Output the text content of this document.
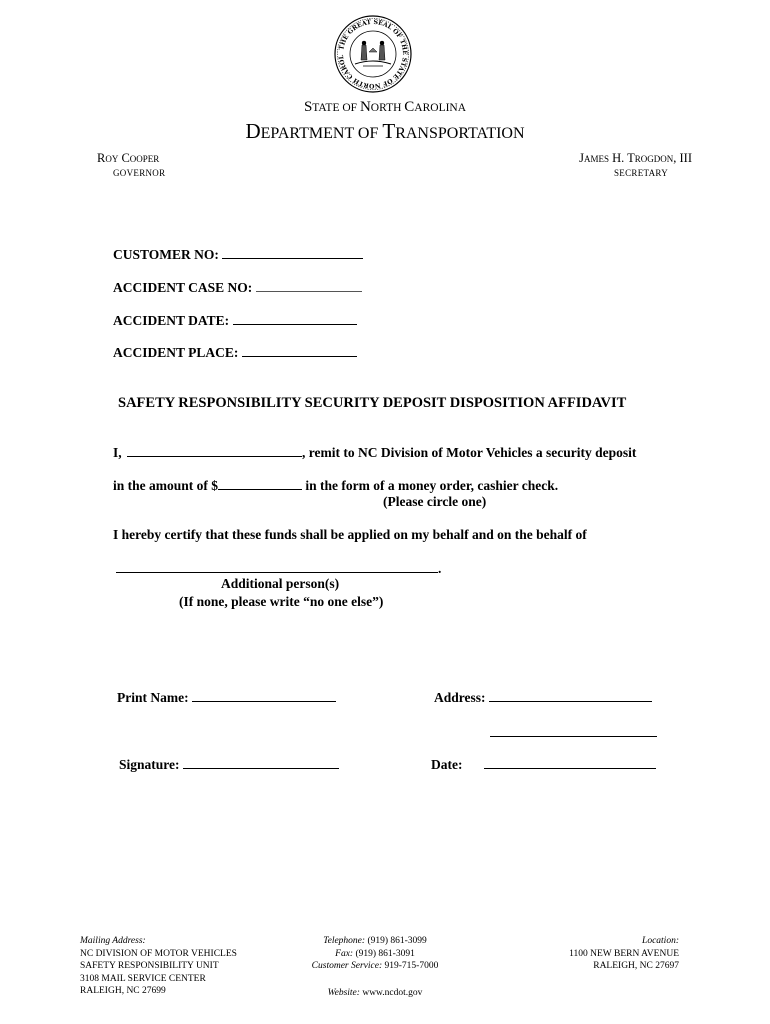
THE GREAT SEAL OF THE STATE OF NORTH CAROL
STATE OF NORTH CAROLINA
DEPARTMENT OF TRANSPORTATION
Roy Cooper
GOVERNOR
James H. Trogdon, III
SECRETARY
CUSTOMER NO:
ACCIDENT CASE NO:
ACCIDENT DATE:
ACCIDENT PLACE:
SAFETY RESPONSIBILITY SECURITY DEPOSIT DISPOSITION AFFIDAVIT
I,	, remit to NC Division of Motor Vehicles a security deposit
in the amount of $	in the form of a money order, cashier check.
(Please circle one)
I hereby certify that these funds shall be applied on my behalf and on the behalf of
.
Additional person(s)
(If none, please write “no one else”)
Print Name:	Address:
Signature:	Date:
Mailing Address:
NC DIVISION OF MOTOR VEHICLES
SAFETY RESPONSIBILITY UNIT
3108 MAIL SERVICE CENTER
RALEIGH, NC 27699
Telephone: (919) 861-3099
Fax: (919) 861-3091
Customer Service: 919-715-7000
Website: www.ncdot.gov
Location:
1100 NEW BERN AVENUE
RALEIGH, NC 27697
